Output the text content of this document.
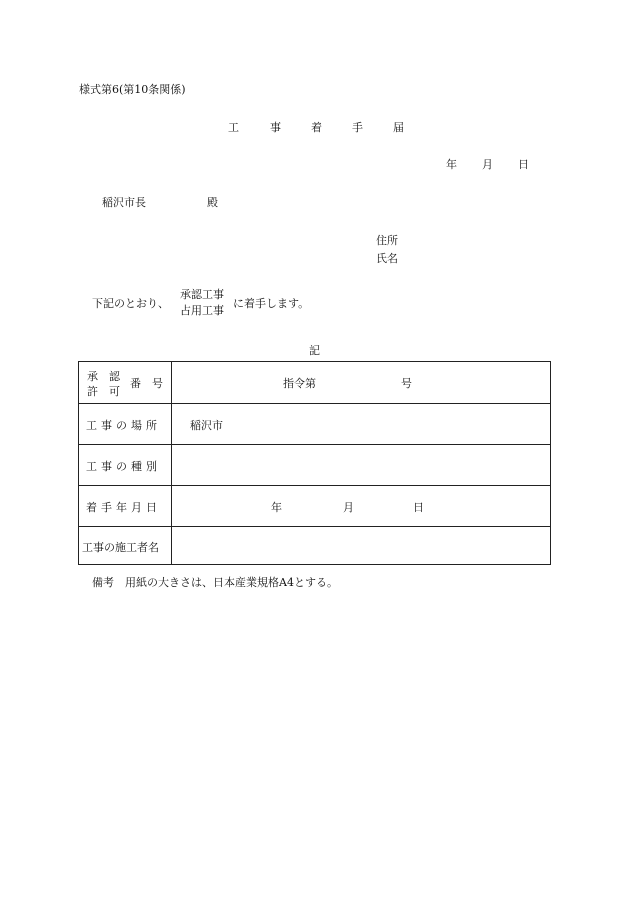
様式第6(第10条関係)
工	事	着	手	届
年 月 日
稲沢市長	殿
住所
氏名
下記のとおり、
承認工事
占用工事
に着手します。
記
承　認
許　可
番　号	指令第	号
工事の場所	稲沢市
工事の種別
着手年月日	年	月	日
工事の施工者名
備考　用紙の大きさは、日本産業規格A4とする。
